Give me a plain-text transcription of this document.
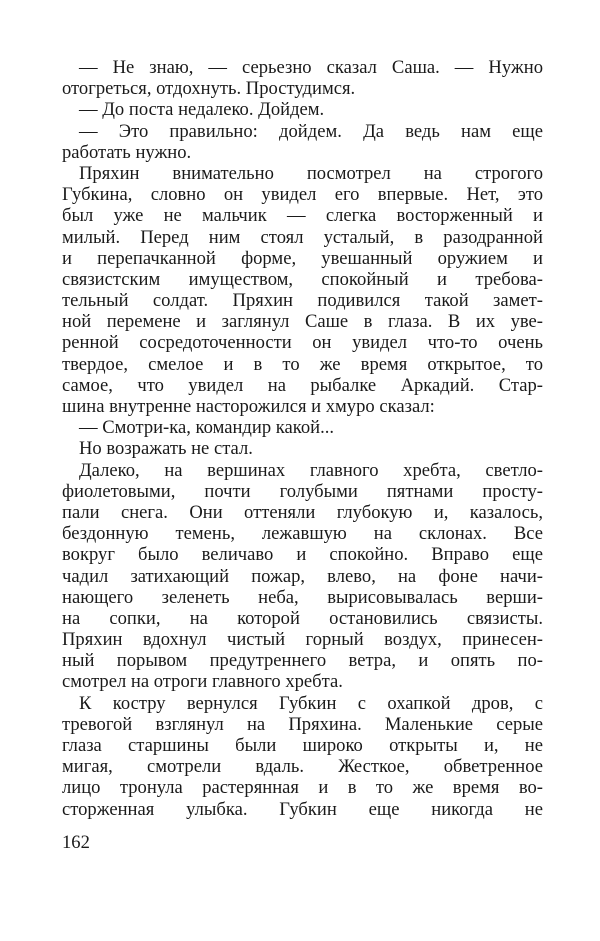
— Не знаю, — серьезно сказал Саша. — Нужно
отогреться, отдохнуть. Простудимся.
— До поста недалеко. Дойдем.
— Это правильно: дойдем. Да ведь нам еще
работать нужно.
Пряхин внимательно посмотрел на строгого
Губкина, словно он увидел его впервые. Нет, это
был уже не мальчик — слегка восторженный и
милый. Перед ним стоял усталый, в разодранной
и перепачканной форме, увешанный оружием и
связистским имуществом, спокойный и требова-
тельный солдат. Пряхин подивился такой замет-
ной перемене и заглянул Саше в глаза. В их уве-
ренной сосредоточенности он увидел что-то очень
твердое, смелое и в то же время открытое, то
самое, что увидел на рыбалке Аркадий. Стар-
шина внутренне насторожился и хмуро сказал:
— Смотри-ка, командир какой...
Но возражать не стал.
Далеко, на вершинах главного хребта, светло-
фиолетовыми, почти голубыми пятнами просту-
пали снега. Они оттеняли глубокую и, казалось,
бездонную темень, лежавшую на склонах. Все
вокруг было величаво и спокойно. Вправо еще
чадил затихающий пожар, влево, на фоне начи-
нающего зеленеть неба, вырисовывалась верши-
на сопки, на которой остановились связисты.
Пряхин вдохнул чистый горный воздух, принесен-
ный порывом предутреннего ветра, и опять по-
смотрел на отроги главного хребта.
К костру вернулся Губкин с охапкой дров, с
тревогой взглянул на Пряхина. Маленькие серые
глаза старшины были широко открыты и, не
мигая, смотрели вдаль. Жесткое, обветренное
лицо тронула растерянная и в то же время во-
сторженная улыбка. Губкин еще никогда не
162
